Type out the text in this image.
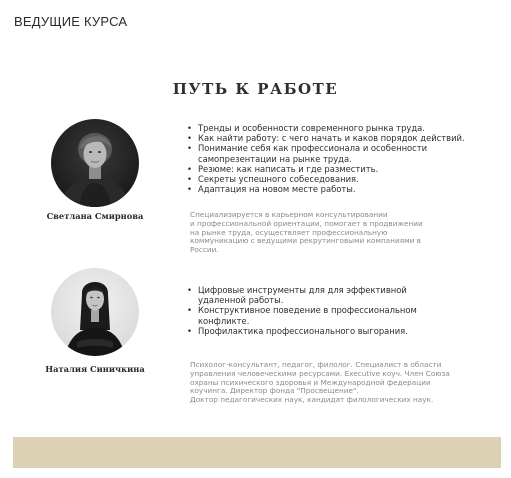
ВЕДУЩИЕ КУРСА
ПУТЬ К РАБОТЕ
Светлана Смирнова
• Тренды и особенности современного рынка труда.
• Как найти работу: с чего начать и каков порядок действий.
• Понимание себя как профессионала и особенности самопрезентации на рынке труда.
• Резюме: как написать и где разместить.
• Секреты успешного собеседования.
• Адаптация на новом месте работы.
Специализируется в карьерном консультировании
и профессиональной ориентации, помогает в продвижении
на рынке труда, осуществляет профессиональную
коммуникацию с ведущими рекрутинговыми компаниями в
России.
Наталия Синичкина
• Цифровые инструменты для для эффективной удаленной работы.
• Конструктивное поведение в профессиональном конфликте.
• Профилактика профессионального выгорания.
Психолог-консультант, педагог, филолог. Специалист в области
управления человеческими ресурсами. Executive коуч. Член Союза
охраны психического здоровья и Международной федерации
коучинга. Директор фонда "Просвещение".
Доктор педагогических наук, кандидат филологических наук.
